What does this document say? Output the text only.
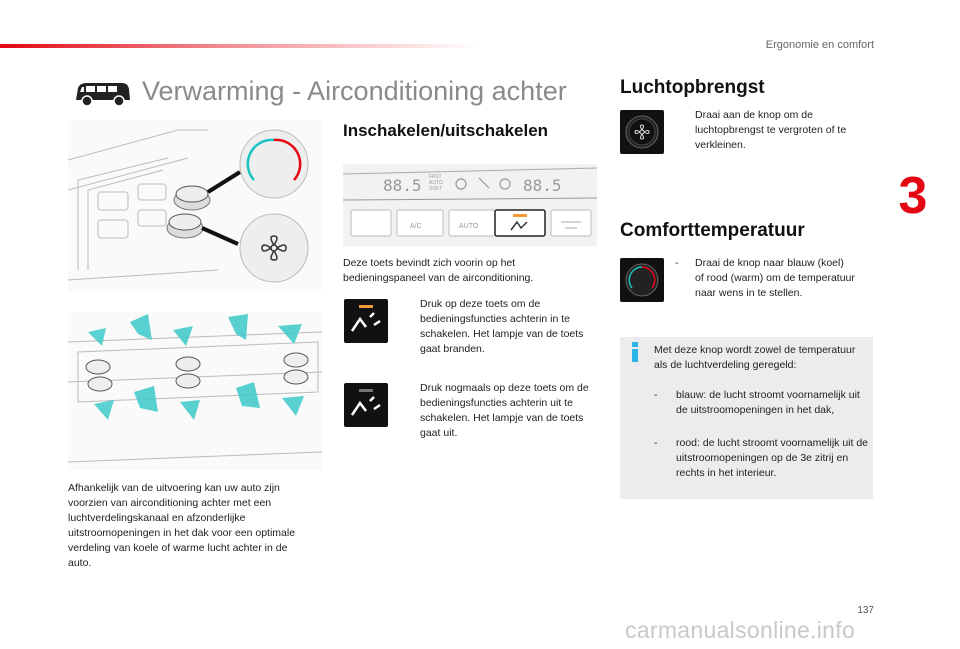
Ergonomie en comfort
3
Verwarming - Airconditioning achter
Afhankelijk van de uitvoering kan uw auto zijn voorzien van airconditioning achter met een luchtverdelingskanaal en afzonderlijke uitstroomopeningen in het dak voor een optimale verdeling van koele of warme lucht achter in de auto.
Inschakelen/uitschakelen
88.5	88.5
FAST
AUTO
SOFT
A/C	AUTO
Deze toets bevindt zich voorin op het bedieningspaneel van de airconditioning.
Druk op deze toets om de bedieningsfuncties achterin in te schakelen. Het lampje van de toets gaat branden.
Druk nogmaals op deze toets om de bedieningsfuncties achterin uit te schakelen. Het lampje van de toets gaat uit.
Luchtopbrengst
Draai aan de knop om de luchtopbrengst te vergroten of te verkleinen.
Comforttemperatuur
- Draai de knop naar blauw (koel) of rood (warm) om de temperatuur naar wens in te stellen.
Met deze knop wordt zowel de temperatuur als de luchtverdeling geregeld:
- blauw: de lucht stroomt voornamelijk uit de uitstroomopeningen in het dak,
- rood: de lucht stroomt voornamelijk uit de uitstroomopeningen op de 3e zitrij en rechts in het interieur.
137
carmanualsonline.info
